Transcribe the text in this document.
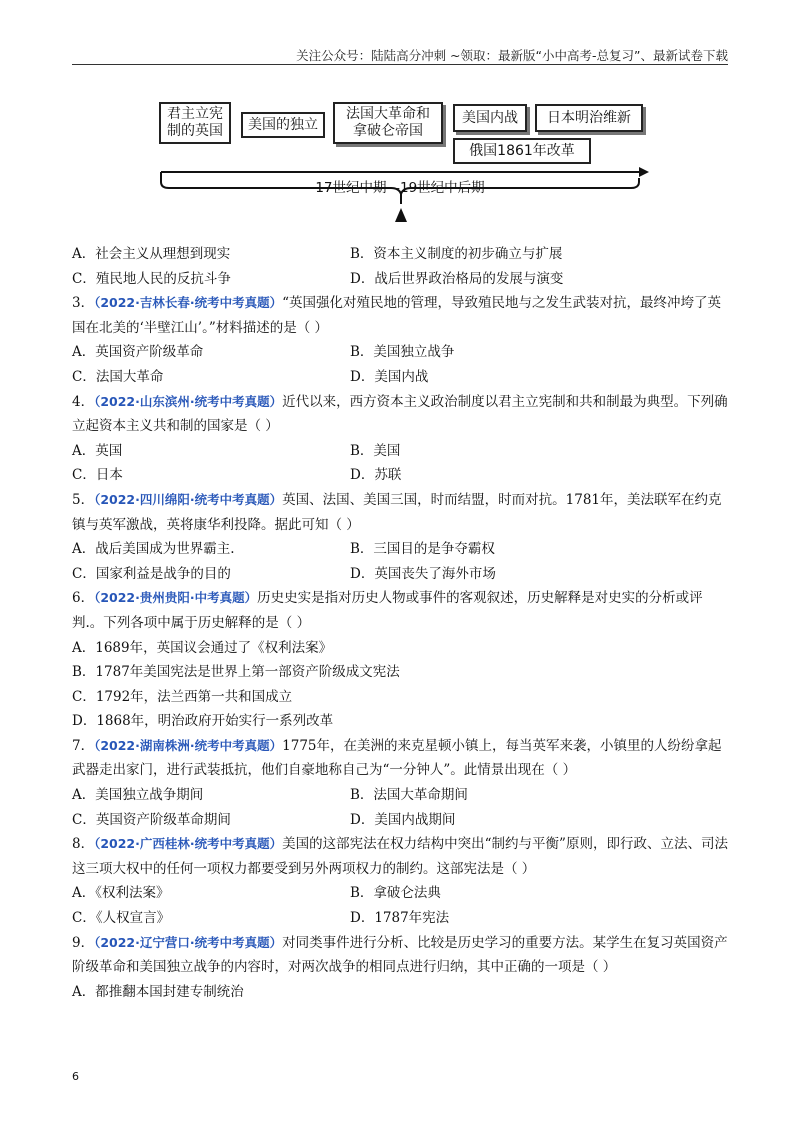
关注公众号：陆陆高分冲刺 ~领取：最新版“小中高考-总复习”、最新试卷下载
君主立宪
制的英国 美国的独立
法国大革命和
拿破仑帝国
美国内战 日本明治维新
俄国1861年改革
17世纪中期—19世纪中后期
A．社会主义从理想到现实	B．资本主义制度的初步确立与扩展
C．殖民地人民的反抗斗争	D．战后世界政治格局的发展与演变
3．（2022·吉林长春·统考中考真题）“英国强化对殖民地的管理，导致殖民地与之发生武装对抗，最终冲垮了英国在北美的‘半壁江山’。”材料描述的是（ ）
A．英国资产阶级革命	B．美国独立战争
C．法国大革命	D．美国内战
4．（2022·山东滨州·统考中考真题）近代以来，西方资本主义政治制度以君主立宪制和共和制最为典型。下列确立起资本主义共和制的国家是（ ）
A．英国	B．美国
C．日本	D．苏联
5．（2022·四川绵阳·统考中考真题）英国、法国、美国三国，时而结盟，时而对抗。1781年，美法联军在约克镇与英军激战，英将康华利投降。据此可知（ ）
A．战后美国成为世界霸主.	B．三国目的是争夺霸权
C．国家利益是战争的目的	D．英国丧失了海外市场
6．（2022·贵州贵阳·中考真题）历史史实是指对历史人物或事件的客观叙述，历史解释是对史实的分析或评判.。下列各项中属于历史解释的是（ ）
A．1689年，英国议会通过了《权利法案》
B．1787年美国宪法是世界上第一部资产阶级成文宪法
C．1792年，法兰西第一共和国成立
D．1868年，明治政府开始实行一系列改革
7．（2022·湖南株洲·统考中考真题）1775年，在美洲的来克星顿小镇上，每当英军来袭，小镇里的人纷纷拿起武器走出家门，进行武装抵抗，他们自豪地称自己为“一分钟人”。此情景出现在（ ）
A．美国独立战争期间	B．法国大革命期间
C．英国资产阶级革命期间	D．美国内战期间
8．（2022·广西桂林·统考中考真题）美国的这部宪法在权力结构中突出“制约与平衡”原则，即行政、立法、司法这三项大权中的任何一项权力都要受到另外两项权力的制约。这部宪法是（ ）
A．《权利法案》	B．拿破仑法典
C．《人权宣言》	D．1787年宪法
9．（2022·辽宁营口·统考中考真题）对同类事件进行分析、比较是历史学习的重要方法。某学生在复习英国资产阶级革命和美国独立战争的内容时，对两次战争的相同点进行归纳，其中正确的一项是（ ）
A．都推翻本国封建专制统治
6
